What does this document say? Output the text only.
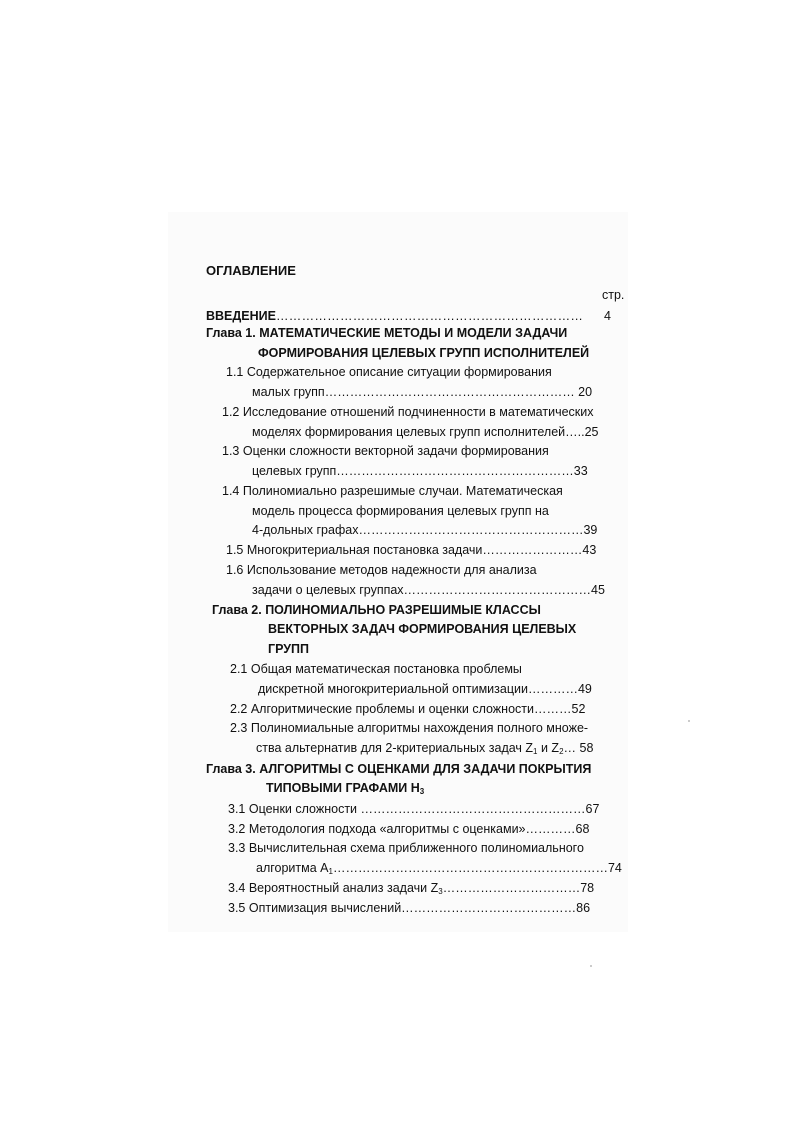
ОГЛАВЛЕНИЕ
стр.
ВВЕДЕНИЕ……………………………………………………………… 4
Глава 1. МАТЕМАТИЧЕСКИЕ МЕТОДЫ И МОДЕЛИ ЗАДАЧИ
ФОРМИРОВАНИЯ ЦЕЛЕВЫХ ГРУПП ИСПОЛНИТЕЛЕЙ
1.1 Содержательное описание ситуации формирования
малых групп…………………………………………………… 20
1.2 Исследование отношений подчиненности в математических
моделях формирования целевых групп исполнителей…..25
1.3 Оценки сложности векторной задачи формирования
целевых групп…………………………………………………33
1.4 Полиномиально разрешимые случаи. Математическая
модель процесса формирования целевых групп на
4-дольных графах………………………………………………39
1.5 Многокритериальная постановка задачи……………………43
1.6 Использование методов надежности для анализа
задачи о целевых группах………………………………………45
Глава 2. ПОЛИНОМИАЛЬНО РАЗРЕШИМЫЕ КЛАССЫ
ВЕКТОРНЫХ ЗАДАЧ ФОРМИРОВАНИЯ ЦЕЛЕВЫХ
ГРУПП
2.1 Общая математическая постановка проблемы
дискретной многокритериальной оптимизации…………49
2.2 Алгоритмические проблемы и оценки сложности………52
2.3 Полиномиальные алгоритмы нахождения полного множе-
ства альтернатив для 2-критериальных задач $Z_1$ и $Z_2\dots$ 58
Глава 3. АЛГОРИТМЫ С ОЦЕНКАМИ ДЛЯ ЗАДАЧИ ПОКРЫТИЯ
ТИПОВЫМИ ГРАФАМИ $H_3$
3.1 Оценки сложности ………………………………………………67
3.2 Методология подхода «алгоритмы с оценками»…………68
3.3 Вычислительная схема приближенного полиномиального
алгоритма $A_1\dots\dots\dots\dots\dots\dots\dots\dots\dots\dots\dots\dots\dots\dots\dots\dots\dots\dots\dots\dots\dots\dots 74$
3.4 Вероятностный анализ задачи $Z_3\dots\dots\dots\dots\dots\dots\dots\dots\dots\dots\dots 78$
3.5 Оптимизация вычислений……………………………………86
